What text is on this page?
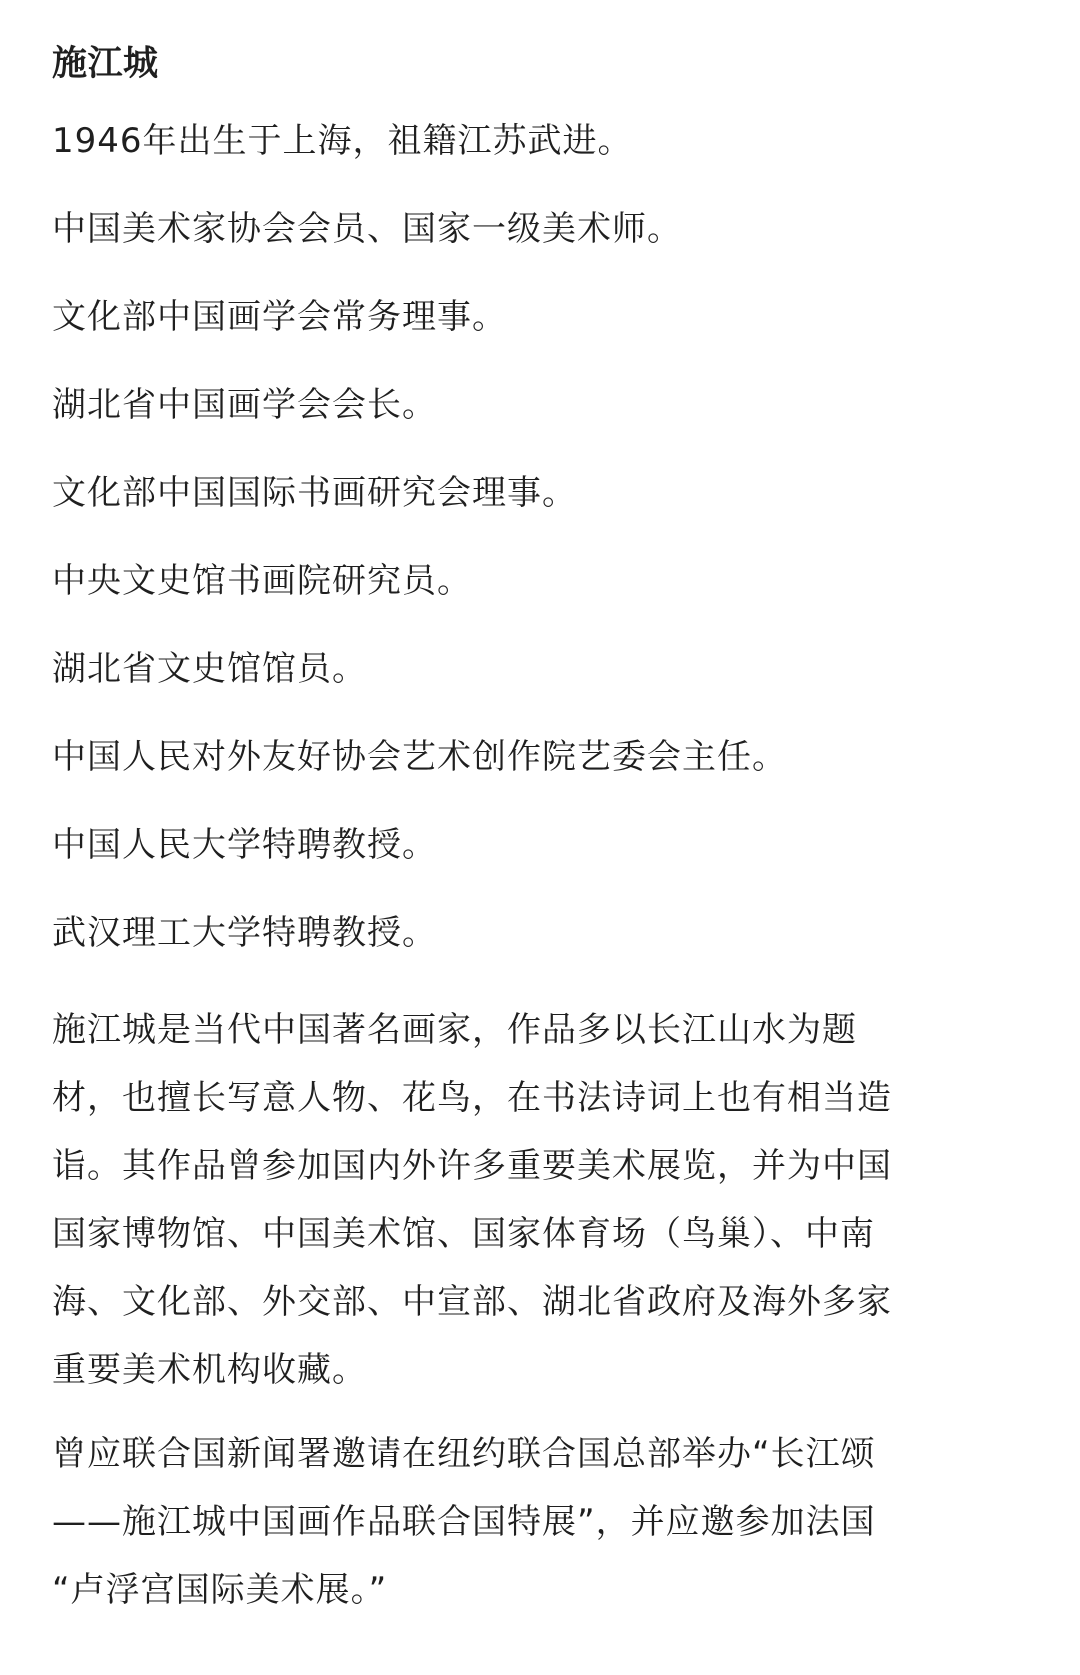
施江城
1946年出生于上海，祖籍江苏武进。
中国美术家协会会员、国家一级美术师。
文化部中国画学会常务理事。
湖北省中国画学会会长。
文化部中国国际书画研究会理事。
中央文史馆书画院研究员。
湖北省文史馆馆员。
中国人民对外友好协会艺术创作院艺委会主任。
中国人民大学特聘教授。
武汉理工大学特聘教授。
施江城是当代中国著名画家，作品多以长江山水为题
材，也擅长写意人物、花鸟，在书法诗词上也有相当造
诣。其作品曾参加国内外许多重要美术展览，并为中国
国家博物馆、中国美术馆、国家体育场（鸟巢）、中南
海、文化部、外交部、中宣部、湖北省政府及海外多家
重要美术机构收藏。
曾应联合国新闻署邀请在纽约联合国总部举办“长江颂
——施江城中国画作品联合国特展”，并应邀参加法国
“卢浮宫国际美术展。”
